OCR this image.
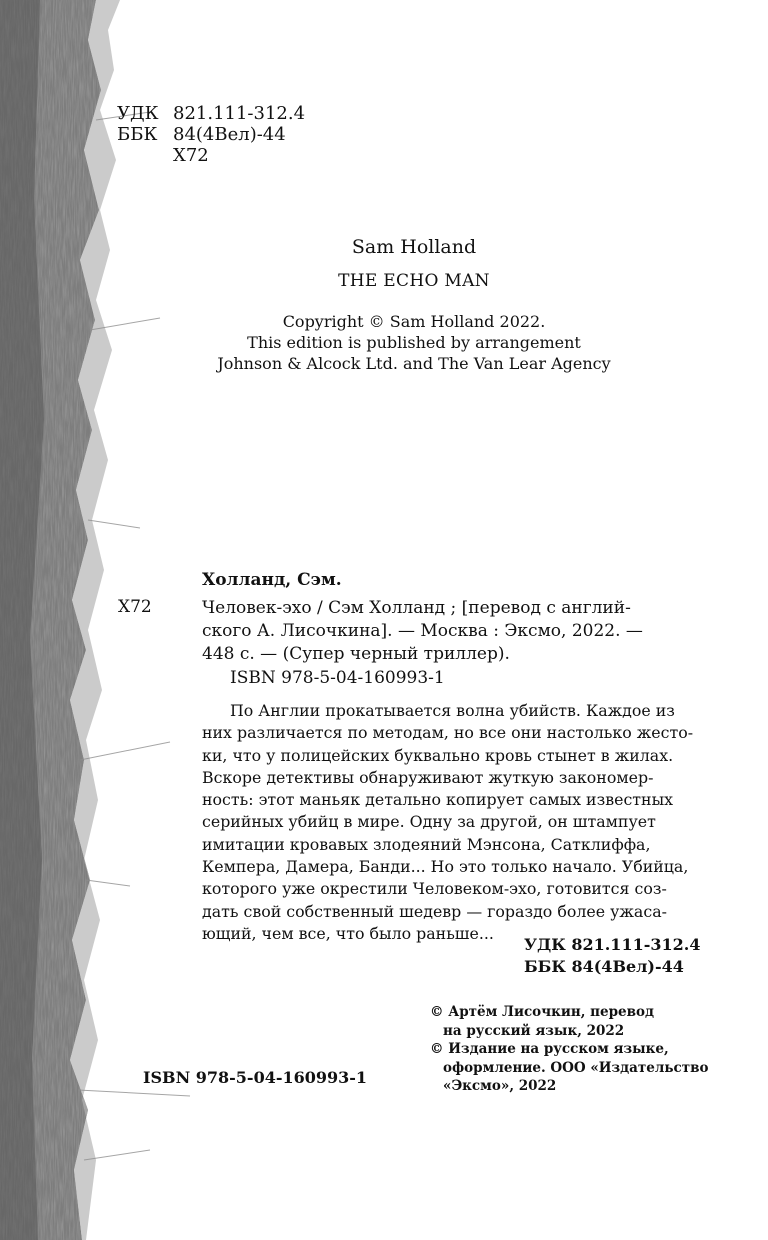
УДК 821.111-312.4
ББК 84(4Вел)-44
Х72
Sam Holland
THE ECHO MAN
Copyright © Sam Holland 2022.
This edition is published by arrangement
Johnson & Alcock Ltd. and The Van Lear Agency
Холланд, Сэм.
Х72	Человек-эхо / Сэм Холланд ; [перевод с англий-
ского А. Лисочкина]. — Москва : Эксмо, 2022. —
448 с. — (Супер черный триллер).
ISBN 978-5-04-160993-1
По Англии прокатывается волна убийств. Каждое из
них различается по методам, но все они настолько жесто-
ки, что у полицейских буквально кровь стынет в жилах.
Вскоре детективы обнаруживают жуткую закономер-
ность: этот маньяк детально копирует самых известных
серийных убийц в мире. Одну за другой, он штампует
имитации кровавых злодеяний Мэнсона, Сатклиффа,
Кемпера, Дамера, Банди... Но это только начало. Убийца,
которого уже окрестили Человеком-эхо, готовится соз-
дать свой собственный шедевр — гораздо более ужаса-
ющий, чем все, что было раньше...
УДК 821.111-312.4
ББК 84(4Вел)-44
© Артём Лисочкин, перевод
на русский язык, 2022
© Издание на русском языке,
оформление. ООО «Издательство
«Эксмо», 2022
ISBN 978-5-04-160993-1
